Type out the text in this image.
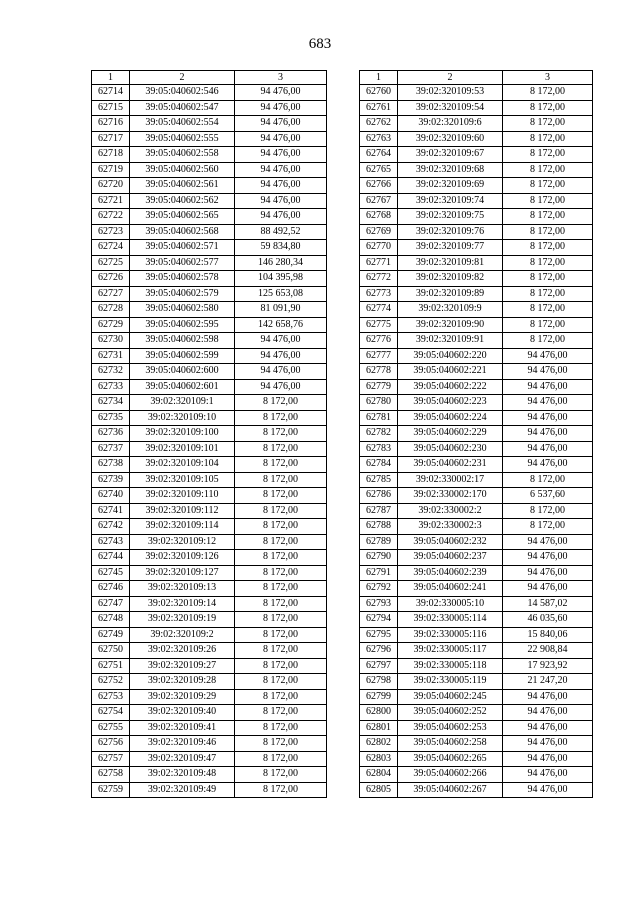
683
1	2	3
62714	39:05:040602:546	94 476,00
62715	39:05:040602:547	94 476,00
62716	39:05:040602:554	94 476,00
62717	39:05:040602:555	94 476,00
62718	39:05:040602:558	94 476,00
62719	39:05:040602:560	94 476,00
62720	39:05:040602:561	94 476,00
62721	39:05:040602:562	94 476,00
62722	39:05:040602:565	94 476,00
62723	39:05:040602:568	88 492,52
62724	39:05:040602:571	59 834,80
62725	39:05:040602:577	146 280,34
62726	39:05:040602:578	104 395,98
62727	39:05:040602:579	125 653,08
62728	39:05:040602:580	81 091,90
62729	39:05:040602:595	142 658,76
62730	39:05:040602:598	94 476,00
62731	39:05:040602:599	94 476,00
62732	39:05:040602:600	94 476,00
62733	39:05:040602:601	94 476,00
62734	39:02:320109:1	8 172,00
62735	39:02:320109:10	8 172,00
62736	39:02:320109:100	8 172,00
62737	39:02:320109:101	8 172,00
62738	39:02:320109:104	8 172,00
62739	39:02:320109:105	8 172,00
62740	39:02:320109:110	8 172,00
62741	39:02:320109:112	8 172,00
62742	39:02:320109:114	8 172,00
62743	39:02:320109:12	8 172,00
62744	39:02:320109:126	8 172,00
62745	39:02:320109:127	8 172,00
62746	39:02:320109:13	8 172,00
62747	39:02:320109:14	8 172,00
62748	39:02:320109:19	8 172,00
62749	39:02:320109:2	8 172,00
62750	39:02:320109:26	8 172,00
62751	39:02:320109:27	8 172,00
62752	39:02:320109:28	8 172,00
62753	39:02:320109:29	8 172,00
62754	39:02:320109:40	8 172,00
62755	39:02:320109:41	8 172,00
62756	39:02:320109:46	8 172,00
62757	39:02:320109:47	8 172,00
62758	39:02:320109:48	8 172,00
62759	39:02:320109:49	8 172,00
1	2	3
62760	39:02:320109:53	8 172,00
62761	39:02:320109:54	8 172,00
62762	39:02:320109:6	8 172,00
62763	39:02:320109:60	8 172,00
62764	39:02:320109:67	8 172,00
62765	39:02:320109:68	8 172,00
62766	39:02:320109:69	8 172,00
62767	39:02:320109:74	8 172,00
62768	39:02:320109:75	8 172,00
62769	39:02:320109:76	8 172,00
62770	39:02:320109:77	8 172,00
62771	39:02:320109:81	8 172,00
62772	39:02:320109:82	8 172,00
62773	39:02:320109:89	8 172,00
62774	39:02:320109:9	8 172,00
62775	39:02:320109:90	8 172,00
62776	39:02:320109:91	8 172,00
62777	39:05:040602:220	94 476,00
62778	39:05:040602:221	94 476,00
62779	39:05:040602:222	94 476,00
62780	39:05:040602:223	94 476,00
62781	39:05:040602:224	94 476,00
62782	39:05:040602:229	94 476,00
62783	39:05:040602:230	94 476,00
62784	39:05:040602:231	94 476,00
62785	39:02:330002:17	8 172,00
62786	39:02:330002:170	6 537,60
62787	39:02:330002:2	8 172,00
62788	39:02:330002:3	8 172,00
62789	39:05:040602:232	94 476,00
62790	39:05:040602:237	94 476,00
62791	39:05:040602:239	94 476,00
62792	39:05:040602:241	94 476,00
62793	39:02:330005:10	14 587,02
62794	39:02:330005:114	46 035,60
62795	39:02:330005:116	15 840,06
62796	39:02:330005:117	22 908,84
62797	39:02:330005:118	17 923,92
62798	39:02:330005:119	21 247,20
62799	39:05:040602:245	94 476,00
62800	39:05:040602:252	94 476,00
62801	39:05:040602:253	94 476,00
62802	39:05:040602:258	94 476,00
62803	39:05:040602:265	94 476,00
62804	39:05:040602:266	94 476,00
62805	39:05:040602:267	94 476,00
